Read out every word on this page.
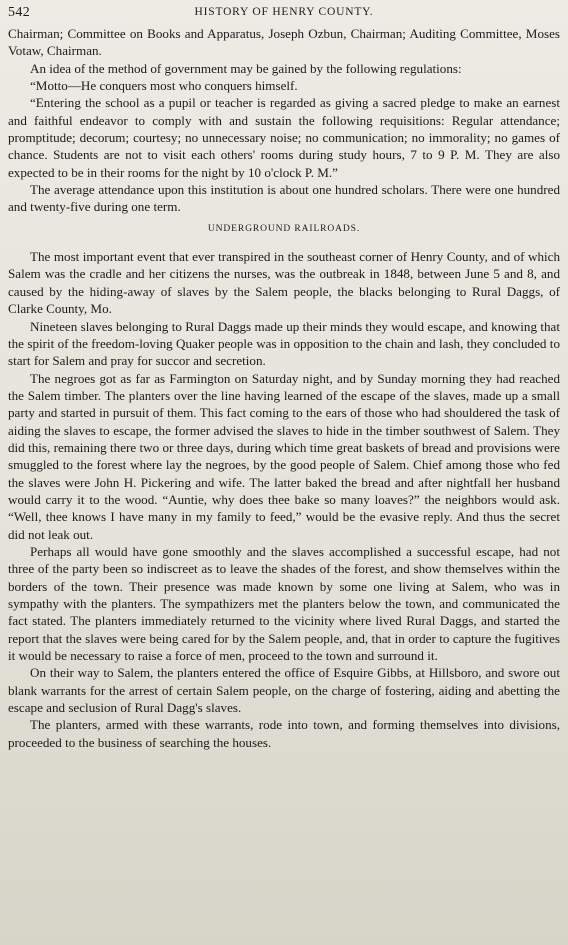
542	HISTORY OF HENRY COUNTY.

Chairman; Committee on Books and Apparatus, Joseph Ozbun, Chairman; Auditing Committee, Moses Votaw, Chairman.

An idea of the method of government may be gained by the following regulations:

“Motto—He conquers most who conquers himself.

“Entering the school as a pupil or teacher is regarded as giving a sacred pledge to make an earnest and faithful endeavor to comply with and sustain the following requisitions: Regular attendance; promptitude; decorum; courtesy; no unnecessary noise; no communication; no immorality; no games of chance. Students are not to visit each others' rooms during study hours, 7 to 9 P. M. They are also expected to be in their rooms for the night by 10 o'clock P. M.”

The average attendance upon this institution is about one hundred scholars. There were one hundred and twenty-five during one term.

UNDERGROUND RAILROADS.

The most important event that ever transpired in the southeast corner of Henry County, and of which Salem was the cradle and her citizens the nurses, was the outbreak in 1848, between June 5 and 8, and caused by the hiding-away of slaves by the Salem people, the blacks belonging to Rural Daggs, of Clarke County, Mo.

Nineteen slaves belonging to Rural Daggs made up their minds they would escape, and knowing that the spirit of the freedom-loving Quaker people was in opposition to the chain and lash, they concluded to start for Salem and pray for succor and secretion.

The negroes got as far as Farmington on Saturday night, and by Sunday morning they had reached the Salem timber. The planters over the line having learned of the escape of the slaves, made up a small party and started in pursuit of them. This fact coming to the ears of those who had shouldered the task of aiding the slaves to escape, the former advised the slaves to hide in the timber southwest of Salem. They did this, remaining there two or three days, during which time great baskets of bread and provisions were smuggled to the forest where lay the negroes, by the good people of Salem. Chief among those who fed the slaves were John H. Pickering and wife. The latter baked the bread and after nightfall her husband would carry it to the wood. “Auntie, why does thee bake so many loaves?” the neighbors would ask. “Well, thee knows I have many in my family to feed,” would be the evasive reply. And thus the secret did not leak out.

Perhaps all would have gone smoothly and the slaves accomplished a successful escape, had not three of the party been so indiscreet as to leave the shades of the forest, and show themselves within the borders of the town. Their presence was made known by some one living at Salem, who was in sympathy with the planters. The sympathizers met the planters below the town, and communicated the fact stated. The planters immediately returned to the vicinity where lived Rural Daggs, and started the report that the slaves were being cared for by the Salem people, and, that in order to capture the fugitives it would be necessary to raise a force of men, proceed to the town and surround it.

On their way to Salem, the planters entered the office of Esquire Gibbs, at Hillsboro, and swore out blank warrants for the arrest of certain Salem people, on the charge of fostering, aiding and abetting the escape and seclusion of Rural Dagg's slaves.

The planters, armed with these warrants, rode into town, and forming themselves into divisions, proceeded to the business of searching the houses.
